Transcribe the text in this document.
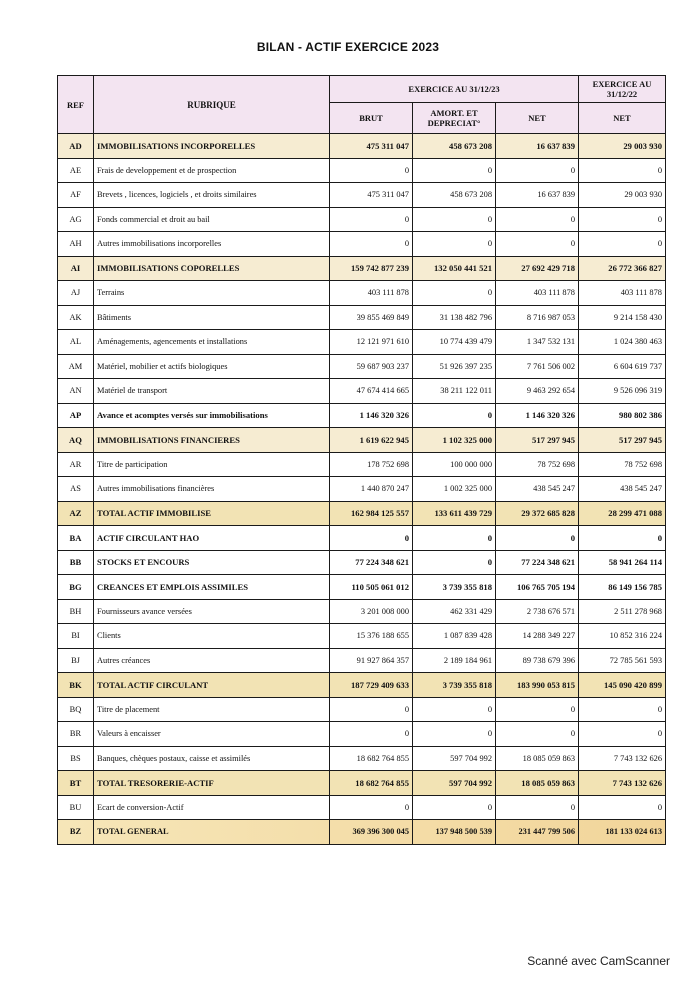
BILAN - ACTIF EXERCICE 2023
REF	RUBRIQUE	EXERCICE AU 31/12/23			EXERCICE AU 31/12/22
		BRUT	AMORT. ET DEPRECIAT°	NET	NET
AD	IMMOBILISATIONS INCORPORELLES	475 311 047	458 673 208	16 637 839	29 003 930
AE	Frais de developpement et de prospection	0	0	0	0
AF	Brevets , licences, logiciels , et droits similaires	475 311 047	458 673 208	16 637 839	29 003 930
AG	Fonds commercial et droit au bail	0	0	0	0
AH	Autres immobilisations incorporelles	0	0	0	0
AI	IMMOBILISATIONS COPORELLES	159 742 877 239	132 050 441 521	27 692 429 718	26 772 366 827
AJ	Terrains	403 111 878	0	403 111 878	403 111 878
AK	Bâtiments	39 855 469 849	31 138 482 796	8 716 987 053	9 214 158 430
AL	Aménagements, agencements et installations	12 121 971 610	10 774 439 479	1 347 532 131	1 024 380 463
AM	Matériel, mobilier et actifs biologiques	59 687 903 237	51 926 397 235	7 761 506 002	6 604 619 737
AN	Matériel de transport	47 674 414 665	38 211 122 011	9 463 292 654	9 526 096 319
AP	Avance et acomptes versés sur immobilisations	1 146 320 326	0	1 146 320 326	980 802 386
AQ	IMMOBILISATIONS FINANCIERES	1 619 622 945	1 102 325 000	517 297 945	517 297 945
AR	Titre de participation	178 752 698	100 000 000	78 752 698	78 752 698
AS	Autres immobilisations financières	1 440 870 247	1 002 325 000	438 545 247	438 545 247
AZ	TOTAL ACTIF IMMOBILISE	162 984 125 557	133 611 439 729	29 372 685 828	28 299 471 088
BA	ACTIF CIRCULANT HAO	0	0	0	0
BB	STOCKS ET ENCOURS	77 224 348 621	0	77 224 348 621	58 941 264 114
BG	CREANCES ET EMPLOIS ASSIMILES	110 505 061 012	3 739 355 818	106 765 705 194	86 149 156 785
BH	Fournisseurs avance versées	3 201 008 000	462 331 429	2 738 676 571	2 511 278 968
BI	Clients	15 376 188 655	1 087 839 428	14 288 349 227	10 852 316 224
BJ	Autres créances	91 927 864 357	2 189 184 961	89 738 679 396	72 785 561 593
BK	TOTAL ACTIF CIRCULANT	187 729 409 633	3 739 355 818	183 990 053 815	145 090 420 899
BQ	Titre de placement	0	0	0	0
BR	Valeurs à encaisser	0	0	0	0
BS	Banques, chèques postaux, caisse et assimilés	18 682 764 855	597 704 992	18 085 059 863	7 743 132 626
BT	TOTAL TRESORERIE-ACTIF	18 682 764 855	597 704 992	18 085 059 863	7 743 132 626
BU	Ecart de conversion-Actif	0	0	0	0
BZ	TOTAL GENERAL	369 396 300 045	137 948 500 539	231 447 799 506	181 133 024 613
Scanné avec CamScanner
